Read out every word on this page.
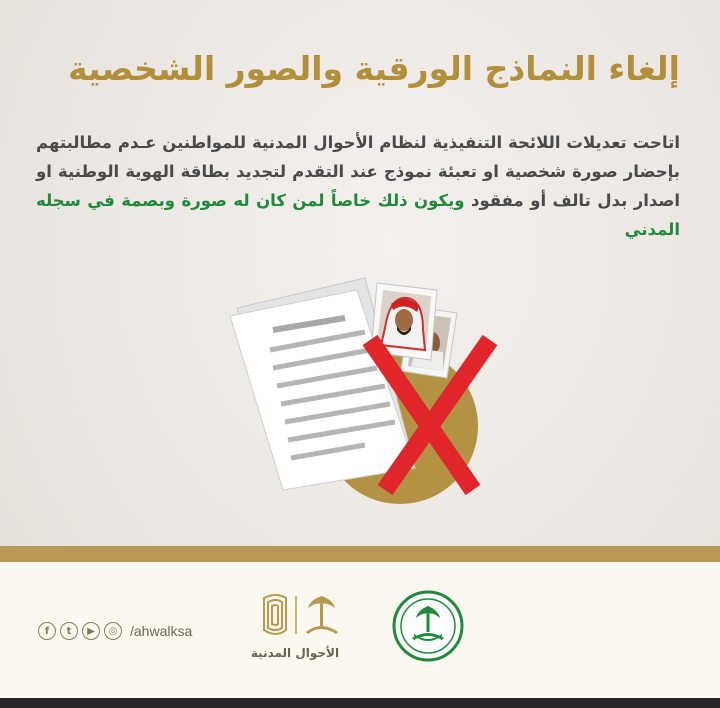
إلغاء النماذج الورقية والصور الشخصية
اتاحت تعديلات اللائحة التنفيذية لنظام الأحوال المدنية للمواطنين عـدم مطالبتهم بإحضار صورة شخصية او تعبئة نموذج عند التقدم لتجديد بطاقة الهوية الوطنية او اصدار بدل تالف أو مفقود ويكون ذلك خاصاً لمن كان له صورة وبصمة في سجله المدني
f	t	▶	◎ /ahwalksa
الأحوال المدنية
